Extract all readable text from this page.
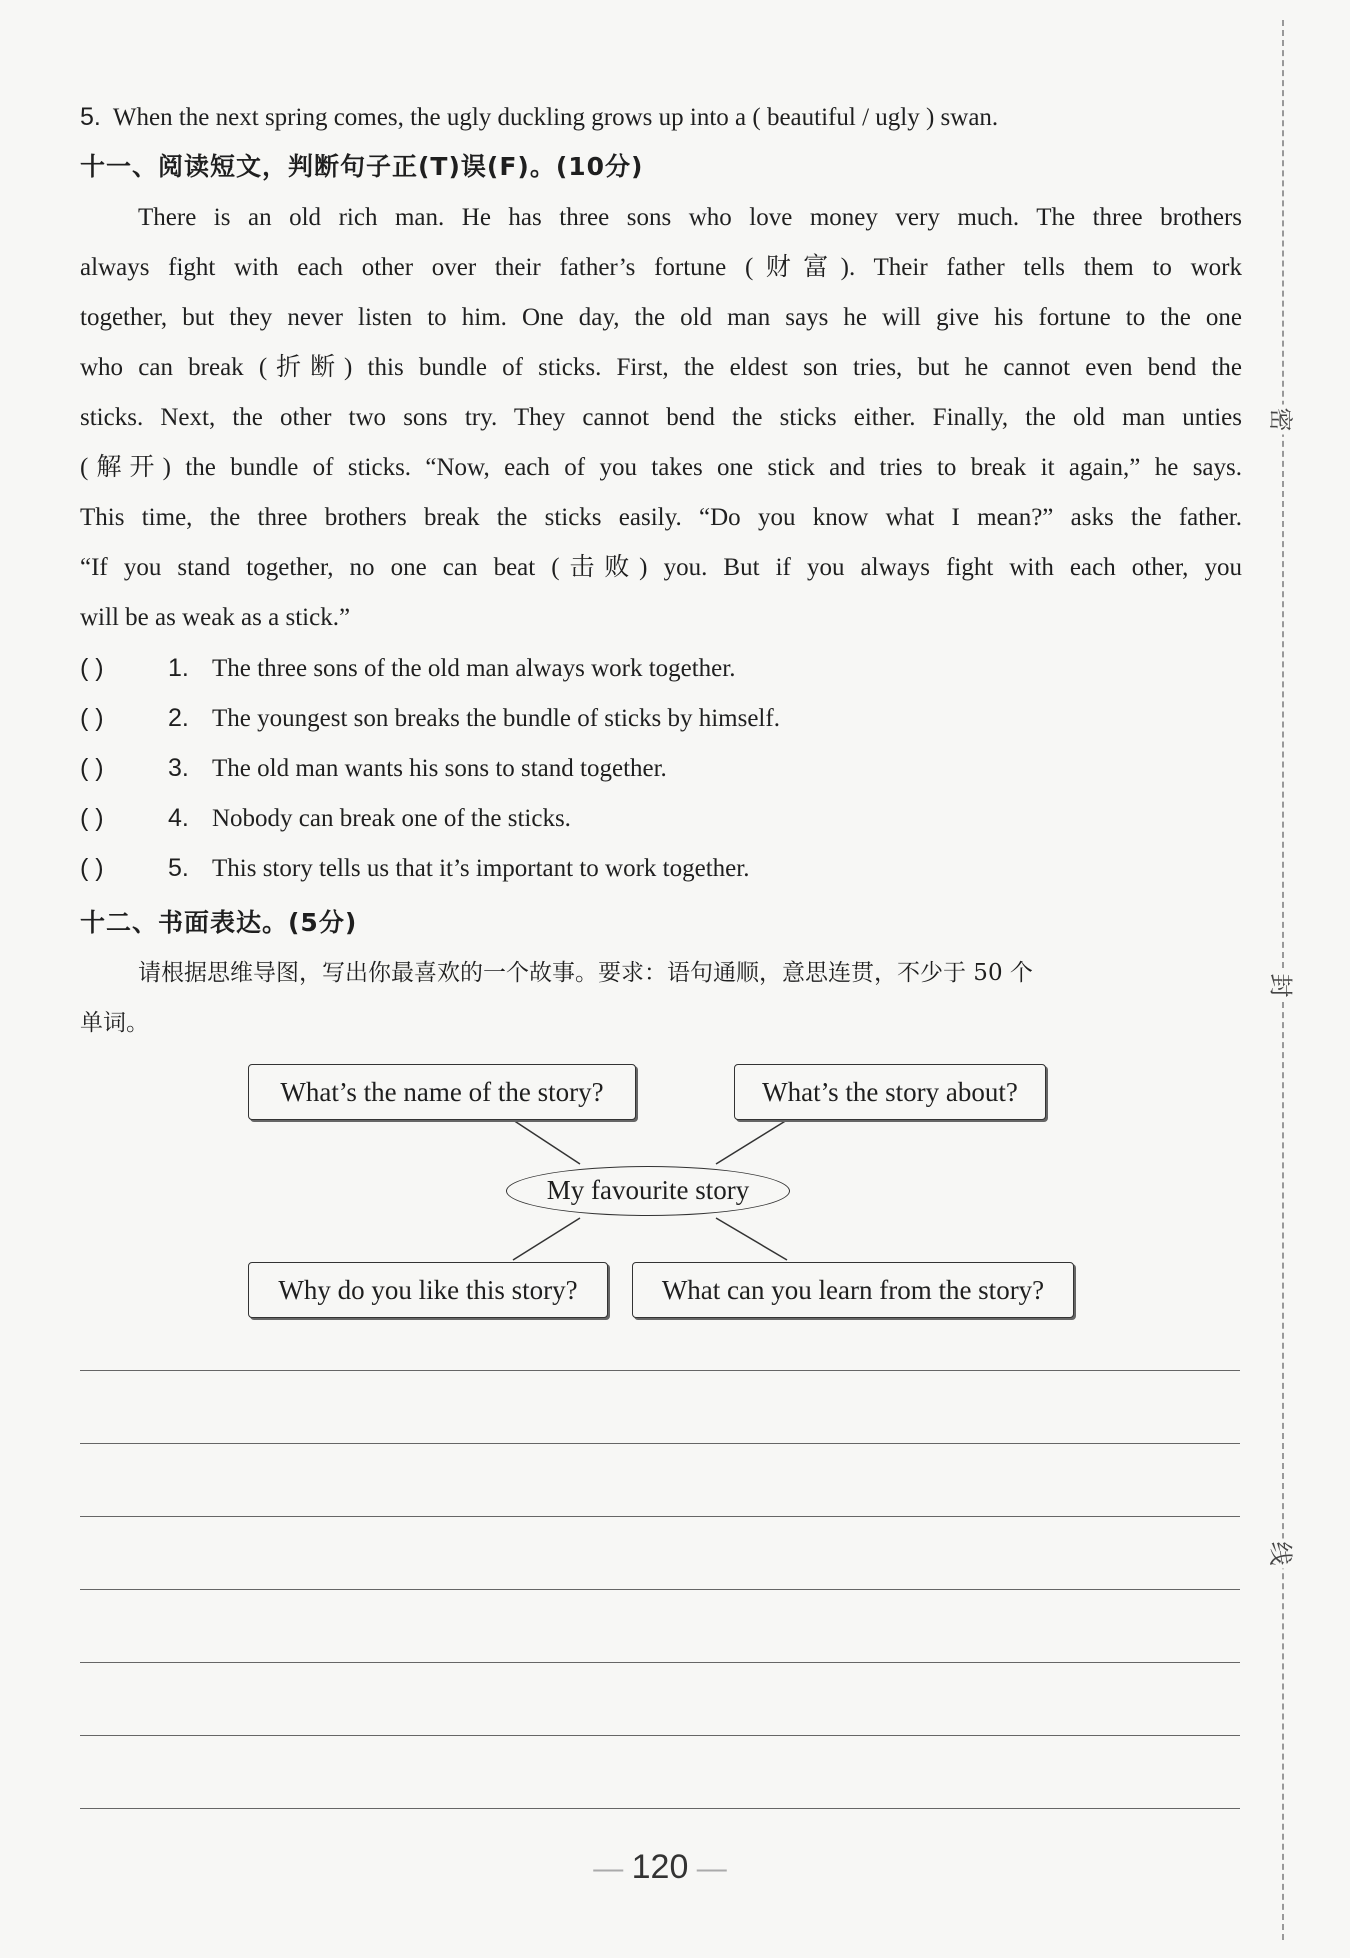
5. When the next spring comes, the ugly duckling grows up into a ( beautiful / ugly ) swan.
十一、阅读短文，判断句子正(T)误(F)。(10分)
There is an old rich man. He has three sons who love money very much. The three brothers
always fight with each other over their father’s fortune (财富). Their father tells them to work
together, but they never listen to him. One day, the old man says he will give his fortune to the one
who can break (折断) this bundle of sticks. First, the eldest son tries, but he cannot even bend the
sticks. Next, the other two sons try. They cannot bend the sticks either. Finally, the old man unties
(解开) the bundle of sticks. “Now, each of you takes one stick and tries to break it again,” he says.
This time, the three brothers break the sticks easily. “Do you know what I mean?” asks the father.
“If you stand together, no one can beat (击败) you. But if you always fight with each other, you
will be as weak as a stick.”
( )	1. The three sons of the old man always work together.
( )	2. The youngest son breaks the bundle of sticks by himself.
( )	3. The old man wants his sons to stand together.
( )	4. Nobody can break one of the sticks.
( )	5. This story tells us that it’s important to work together.
十二、书面表达。(5分)
请根据思维导图，写出你最喜欢的一个故事。要求：语句通顺，意思连贯，不少于 50 个
单词。
What’s the name of the story?	What’s the story about?
My favourite story
Why do you like this story?	What can you learn from the story?
密
封
线
— 120 —
